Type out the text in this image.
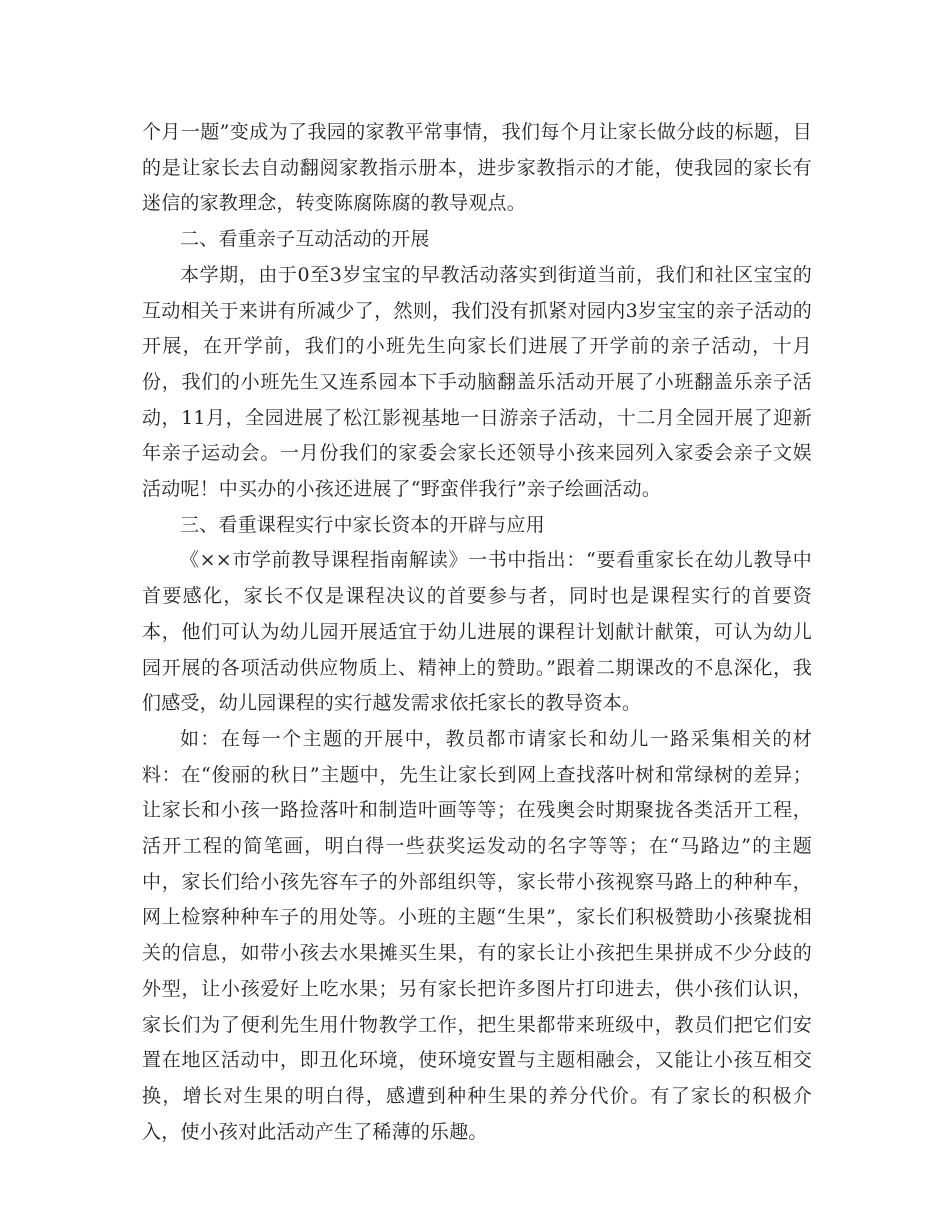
个月一题”变成为了我园的家教平常事情，我们每个月让家长做分歧的标题，目的是让家长去自动翻阅家教指示册本，进步家教指示的才能，使我园的家长有迷信的家教理念，转变陈腐陈腐的教导观点。

二、看重亲子互动活动的开展

本学期，由于0至3岁宝宝的早教活动落实到街道当前，我们和社区宝宝的互动相关于来讲有所减少了，然则，我们没有抓紧对园内3岁宝宝的亲子活动的开展，在开学前，我们的小班先生向家长们进展了开学前的亲子活动，十月份，我们的小班先生又连系园本下手动脑翻盖乐活动开展了小班翻盖乐亲子活动，11月，全园进展了松江影视基地一日游亲子活动，十二月全园开展了迎新年亲子运动会。一月份我们的家委会家长还领导小孩来园列入家委会亲子文娱活动呢！中买办的小孩还进展了“野蛮伴我行”亲子绘画活动。

三、看重课程实行中家长资本的开辟与应用

《××市学前教导课程指南解读》一书中指出：“要看重家长在幼儿教导中首要感化，家长不仅是课程决议的首要参与者，同时也是课程实行的首要资本，他们可认为幼儿园开展适宜于幼儿进展的课程计划献计献策，可认为幼儿园开展的各项活动供应物质上、精神上的赞助。”跟着二期课改的不息深化，我们感受，幼儿园课程的实行越发需求依托家长的教导资本。

如：在每一个主题的开展中，教员都市请家长和幼儿一路采集相关的材料：在“俊丽的秋日”主题中，先生让家长到网上查找落叶树和常绿树的差异；让家长和小孩一路捡落叶和制造叶画等等；在残奥会时期聚拢各类活开工程，活开工程的简笔画，明白得一些获奖运发动的名字等等；在“马路边”的主题中，家长们给小孩先容车子的外部组织等，家长带小孩视察马路上的种种车，网上检察种种车子的用处等。小班的主题“生果”，家长们积极赞助小孩聚拢相关的信息，如带小孩去水果摊买生果，有的家长让小孩把生果拼成不少分歧的外型，让小孩爱好上吃水果；另有家长把许多图片打印进去，供小孩们认识，家长们为了便利先生用什物教学工作，把生果都带来班级中，教员们把它们安置在地区活动中，即丑化环境，使环境安置与主题相融会，又能让小孩互相交换，增长对生果的明白得，感遭到种种生果的养分代价。有了家长的积极介入，使小孩对此活动产生了稀薄的乐趣。
